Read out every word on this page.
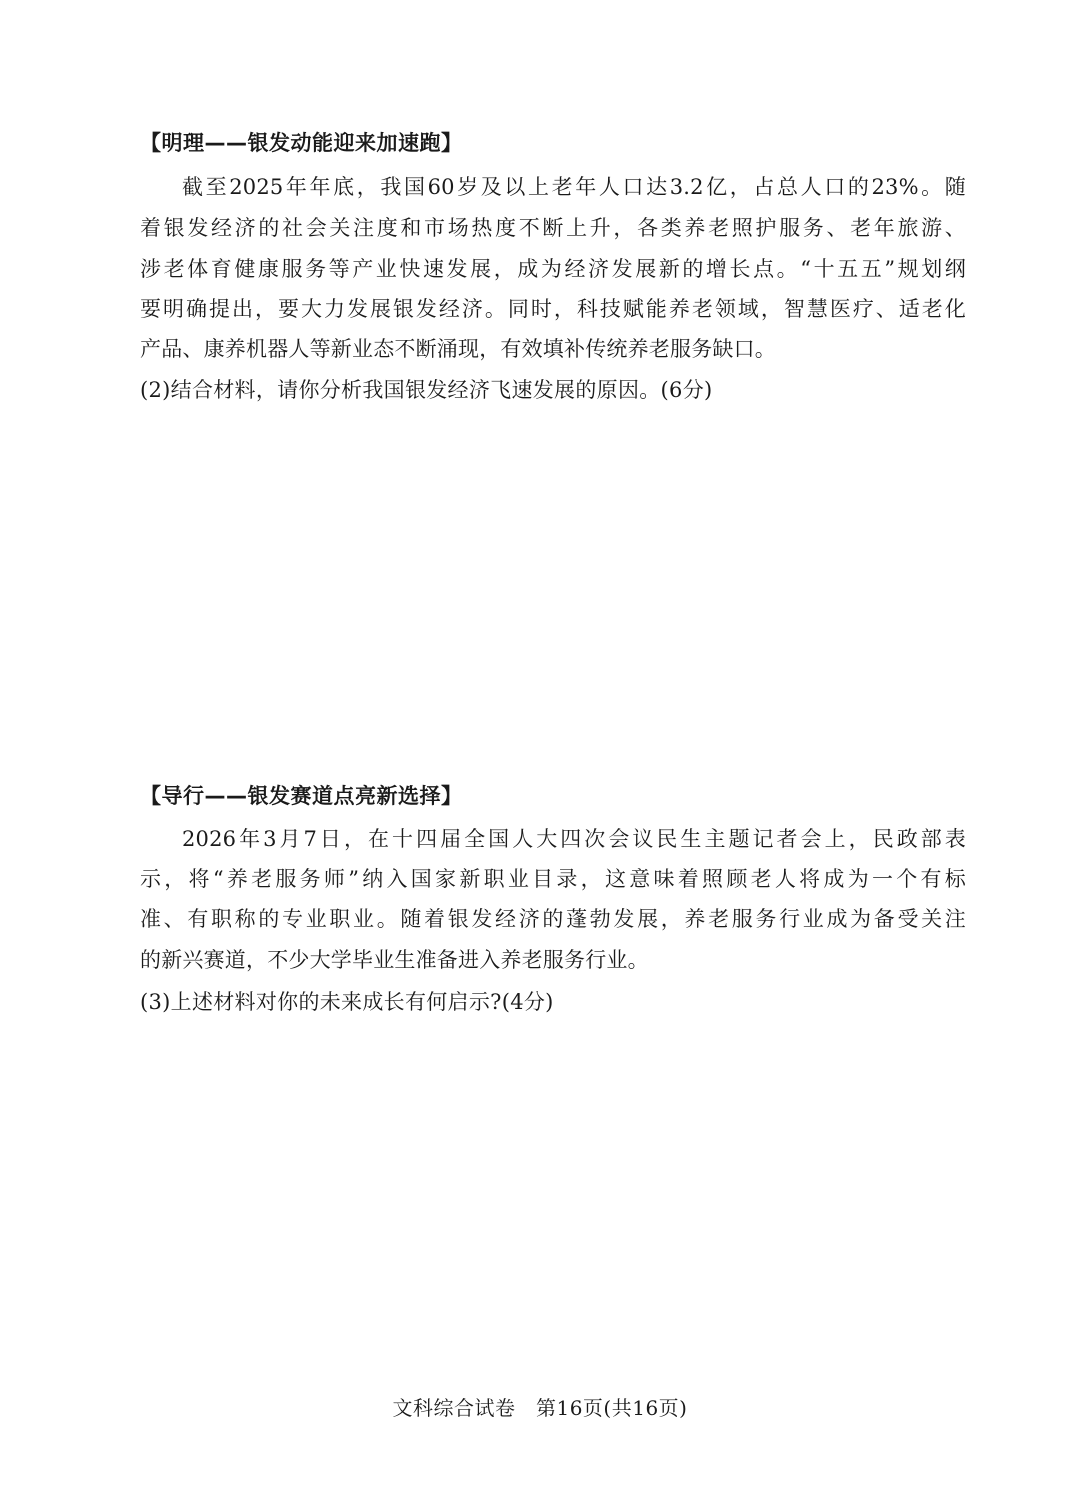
【明理——银发动能迎来加速跑】
截至2025年年底，我国60岁及以上老年人口达3.2亿，占总人口的23%。随
着银发经济的社会关注度和市场热度不断上升，各类养老照护服务、老年旅游、
涉老体育健康服务等产业快速发展，成为经济发展新的增长点。“十五五”规划纲
要明确提出，要大力发展银发经济。同时，科技赋能养老领域，智慧医疗、适老化
产品、康养机器人等新业态不断涌现，有效填补传统养老服务缺口。
(2)结合材料，请你分析我国银发经济飞速发展的原因。(6分)
【导行——银发赛道点亮新选择】
2026年3月7日，在十四届全国人大四次会议民生主题记者会上，民政部表
示，将“养老服务师”纳入国家新职业目录，这意味着照顾老人将成为一个有标
准、有职称的专业职业。随着银发经济的蓬勃发展，养老服务行业成为备受关注
的新兴赛道，不少大学毕业生准备进入养老服务行业。
(3)上述材料对你的未来成长有何启示?(4分)
文科综合试卷　第16页(共16页)
